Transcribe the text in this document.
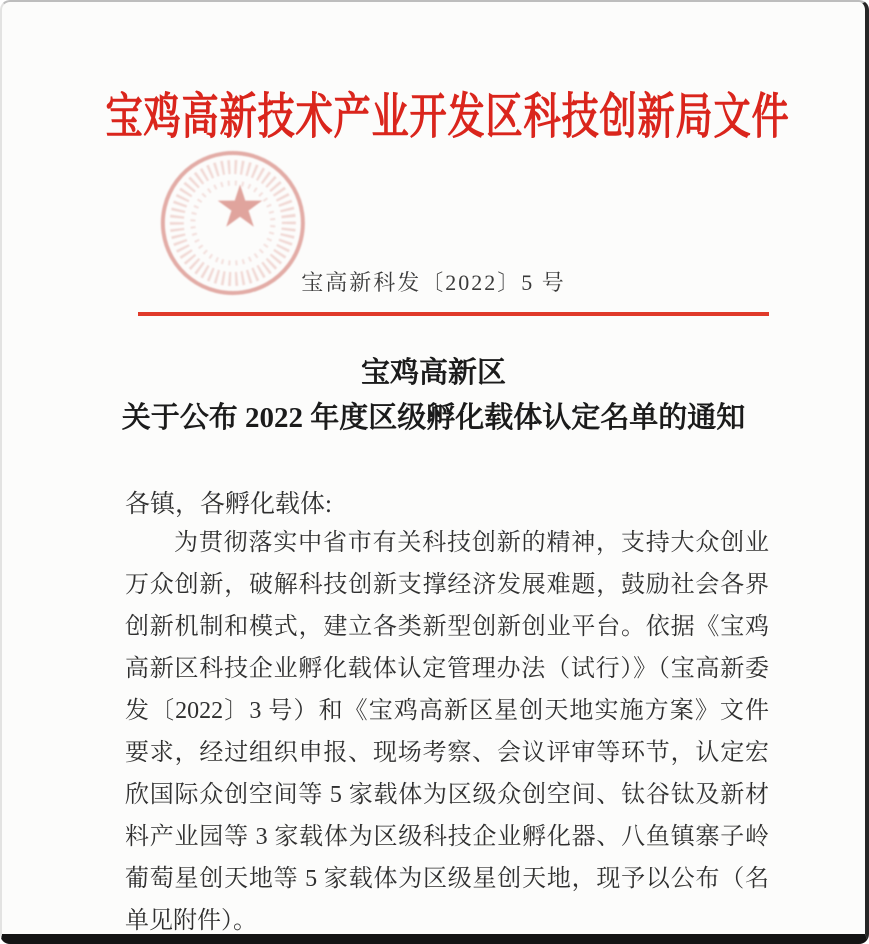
宝鸡高新技术产业开发区科技创新局文件
★
宝高新科发〔2022〕5 号
宝鸡高新区
关于公布 2022 年度区级孵化载体认定名单的通知
各镇，各孵化载体:
为贯彻落实中省市有关科技创新的精神，支持大众创业
万众创新，破解科技创新支撑经济发展难题，鼓励社会各界
创新机制和模式，建立各类新型创新创业平台。依据《宝鸡
高新区科技企业孵化载体认定管理办法（试行）》（宝高新委
发〔2022〕3 号）和《宝鸡高新区星创天地实施方案》文件
要求，经过组织申报、现场考察、会议评审等环节，认定宏
欣国际众创空间等 5 家载体为区级众创空间、钛谷钛及新材
料产业园等 3 家载体为区级科技企业孵化器、八鱼镇寨子岭
葡萄星创天地等 5 家载体为区级星创天地，现予以公布（名
单见附件）。
